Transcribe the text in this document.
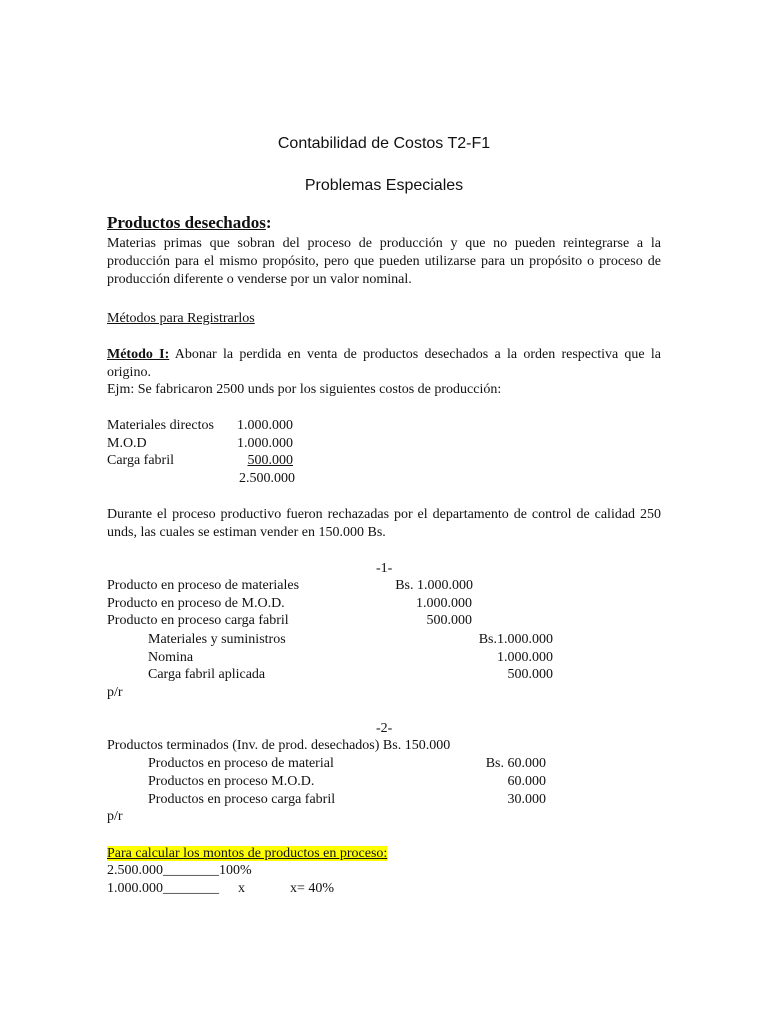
Contabilidad de Costos T2-F1
Problemas Especiales
Productos desechados:
Materias primas que sobran del proceso de producción y que no pueden reintegrarse a la producción para el mismo propósito, pero que pueden utilizarse para un propósito o proceso de producción diferente o venderse por un valor nominal.
Métodos para Registrarlos
Método I: Abonar la perdida en venta de productos desechados a la orden respectiva que la origino.
Ejm: Se fabricaron 2500 unds por los siguientes costos de producción:
Materiales directos	1.000.000
M.O.D	1.000.000
Carga fabril	500.000
2.500.000
Durante el proceso productivo fueron rechazadas por el departamento de control de calidad 250 unds, las cuales se estiman vender en 150.000 Bs.
-1-
Producto en proceso de materiales	Bs. 1.000.000
Producto en proceso de M.O.D.	1.000.000
Producto en proceso carga fabril	500.000
Materiales y suministros	Bs.1.000.000
Nomina	1.000.000
Carga fabril aplicada	500.000
p/r
-2-
Productos terminados (Inv. de prod. desechados) Bs. 150.000
Productos en proceso de material	Bs. 60.000
Productos en proceso M.O.D.	60.000
Productos en proceso carga fabril	30.000
p/r
Para calcular los montos de productos en proceso:
2.500.000________100%
1.000.000________ x	x= 40%
